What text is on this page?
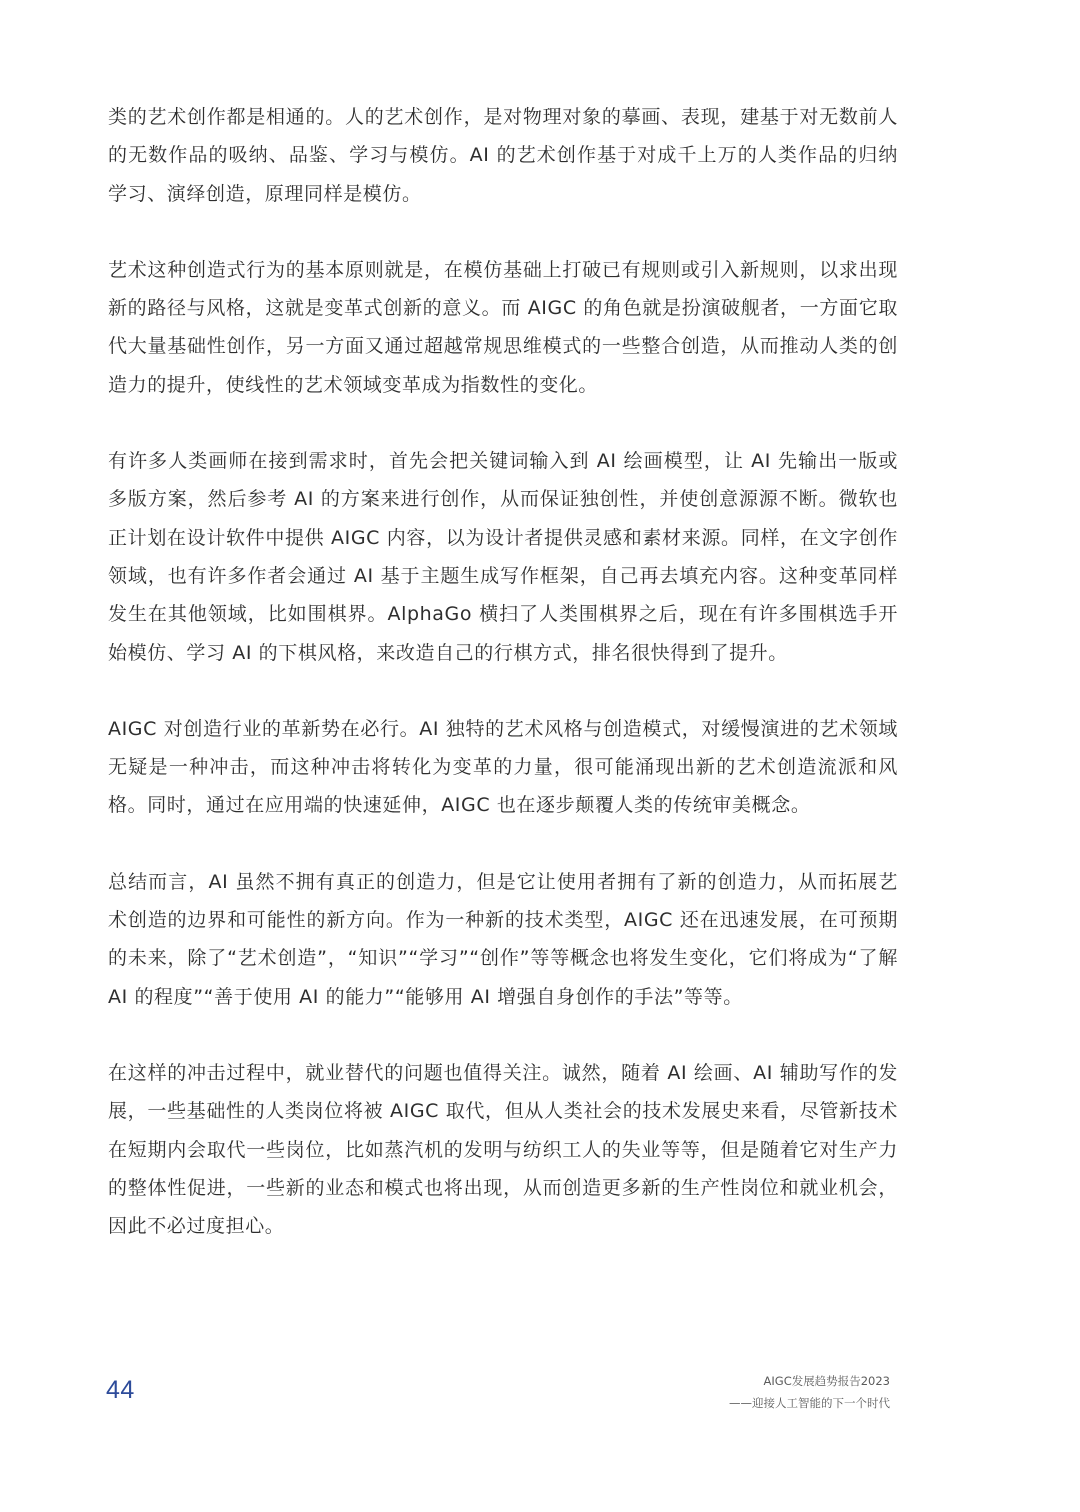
类的艺术创作都是相通的。人的艺术创作，是对物理对象的摹画、表现，建基于对无数前人的无数作品的吸纳、品鉴、学习与模仿。AI 的艺术创作基于对成千上万的人类作品的归纳学习、演绎创造，原理同样是模仿。

艺术这种创造式行为的基本原则就是，在模仿基础上打破已有规则或引入新规则，以求出现新的路径与风格，这就是变革式创新的意义。而 AIGC 的角色就是扮演破舰者，一方面它取代大量基础性创作，另一方面又通过超越常规思维模式的一些整合创造，从而推动人类的创造力的提升，使线性的艺术领域变革成为指数性的变化。

有许多人类画师在接到需求时，首先会把关键词输入到 AI 绘画模型，让 AI 先输出一版或多版方案，然后参考 AI 的方案来进行创作，从而保证独创性，并使创意源源不断。微软也正计划在设计软件中提供 AIGC 内容，以为设计者提供灵感和素材来源。同样，在文字创作领域，也有许多作者会通过 AI 基于主题生成写作框架，自己再去填充内容。这种变革同样发生在其他领域，比如围棋界。AlphaGo 横扫了人类围棋界之后，现在有许多围棋选手开始模仿、学习 AI 的下棋风格，来改造自己的行棋方式，排名很快得到了提升。

AIGC 对创造行业的革新势在必行。AI 独特的艺术风格与创造模式，对缓慢演进的艺术领域无疑是一种冲击，而这种冲击将转化为变革的力量，很可能涌现出新的艺术创造流派和风格。同时，通过在应用端的快速延伸，AIGC 也在逐步颠覆人类的传统审美概念。

总结而言，AI 虽然不拥有真正的创造力，但是它让使用者拥有了新的创造力，从而拓展艺术创造的边界和可能性的新方向。作为一种新的技术类型，AIGC 还在迅速发展，在可预期的未来，除了“艺术创造”，“知识”“学习”“创作”等等概念也将发生变化，它们将成为“了解 AI 的程度”“善于使用 AI 的能力”“能够用 AI 增强自身创作的手法”等等。

在这样的冲击过程中，就业替代的问题也值得关注。诚然，随着 AI 绘画、AI 辅助写作的发展，一些基础性的人类岗位将被 AIGC 取代，但从人类社会的技术发展史来看，尽管新技术在短期内会取代一些岗位，比如蒸汽机的发明与纺织工人的失业等等，但是随着它对生产力的整体性促进，一些新的业态和模式也将出现，从而创造更多新的生产性岗位和就业机会，因此不必过度担心。

44	AIGC发展趋势报告2023
——迎接人工智能的下一个时代
